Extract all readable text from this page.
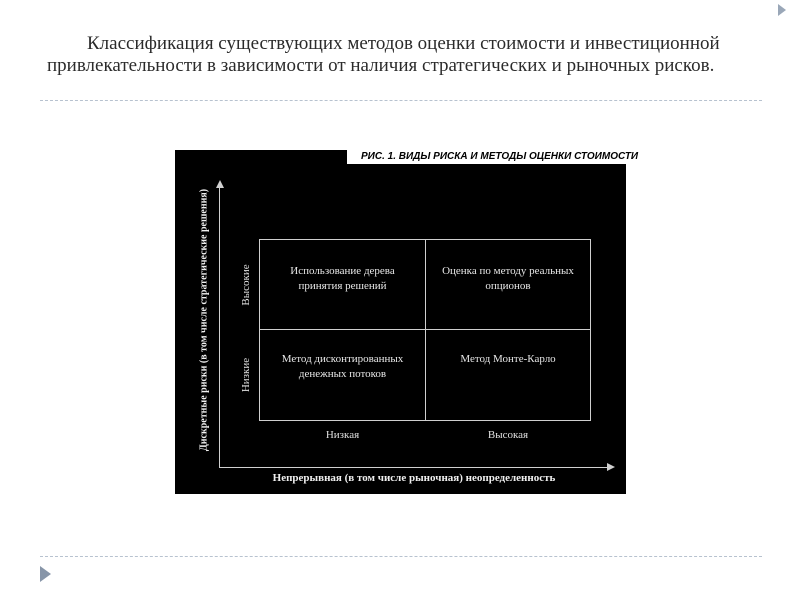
Классификация существующих методов оценки стоимости и инвестиционной привлекательности в зависимости от наличия стратегических и рыночных рисков.
РИС. 1. ВИДЫ РИСКА И МЕТОДЫ ОЦЕНКИ СТОИМОСТИ
Дискретные риски (в том числе стратегические решения)	Высокие
Низкие
Использование дерева принятия решений
Оценка по методу реальных опционов
Метод дисконтированных денежных потоков
Метод Монте-Карло
Низкая	Высокая
Непрерывная (в том числе рыночная) неопределенность
